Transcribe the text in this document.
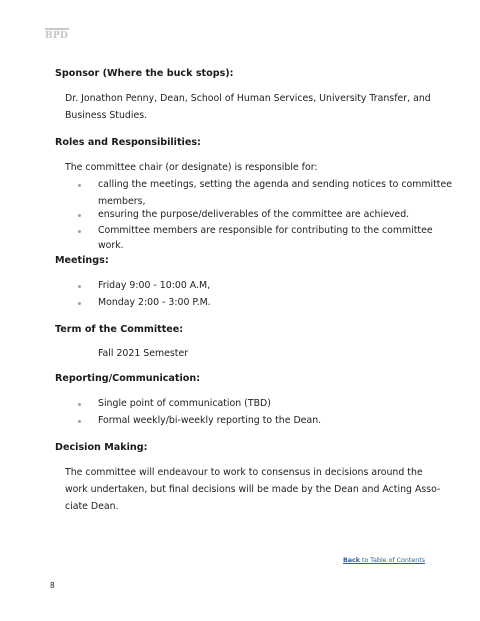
BPD
Sponsor (Where the buck stops):
Dr. Jonathon Penny, Dean, School of Human Services, University Transfer, and
Business Studies.
Roles and Responsibilities:
The committee chair (or designate) is responsible for:
calling the meetings, setting the agenda and sending notices to committee
members,
ensuring the purpose/deliverables of the committee are achieved.
Committee members are responsible for contributing to the committee
work.
Meetings:
Friday 9:00 - 10:00 A.M,
Monday 2:00 - 3:00 P.M.
Term of the Committee:
Fall 2021 Semester
Reporting/Communication:
Single point of communication (TBD)
Formal weekly/bi-weekly reporting to the Dean.
Decision Making:
The committee will endeavour to work to consensus in decisions around the
work undertaken, but final decisions will be made by the Dean and Acting Asso-
ciate Dean.
Back to Table of Contents
8
